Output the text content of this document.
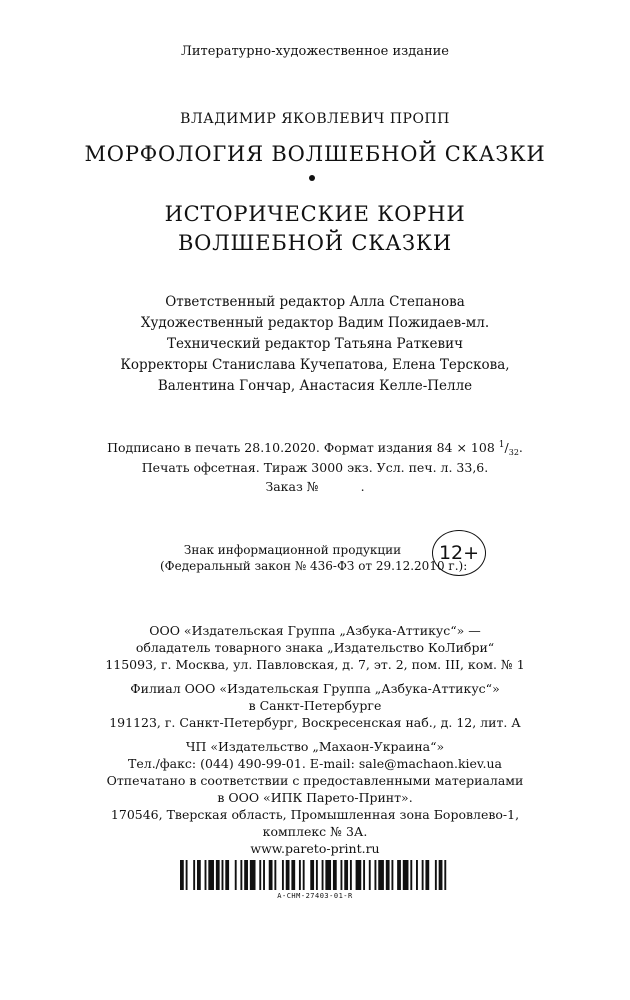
Литературно-художественное издание
ВЛАДИМИР ЯКОВЛЕВИЧ ПРОПП
МОРФОЛОГИЯ ВОЛШЕБНОЙ СКАЗКИ
ИСТОРИЧЕСКИЕ КОРНИ
ВОЛШЕБНОЙ СКАЗКИ
Ответственный редактор Алла Степанова
Художественный редактор Вадим Пожидаев-мл.
Технический редактор Татьяна Раткевич
Корректоры Станислава Кучепатова, Елена Терскова,
Валентина Гончар, Анастасия Келле-Пелле
Подписано в печать 28.10.2020. Формат издания 84 × 108 $^1/_{32}$.
Печать офсетная. Тираж 3000 экз. Усл. печ. л. 33,6.
Заказ №	.
Знак информационной продукции
(Федеральный закон № 436-ФЗ от 29.12.2010 г.):
12+
ООО «Издательская Группа „Азбука-Аттикус“» —
обладатель товарного знака „Издательство КоЛибри“
115093, г. Москва, ул. Павловская, д. 7, эт. 2, пом. III, ком. № 1
Филиал ООО «Издательская Группа „Азбука-Аттикус“»
в Санкт-Петербурге
191123, г. Санкт-Петербург, Воскресенская наб., д. 12, лит. А
ЧП «Издательство „Махаон-Украина“»
Тел./факс: (044) 490-99-01. E-mail: sale@machaon.kiev.ua
Отпечатано в соответствии с предоставленными материалами
в ООО «ИПК Парето-Принт».
170546, Тверская область, Промышленная зона Боровлево-1,
комплекс № 3А.
www.pareto-print.ru
А-СНМ-27403-01-R
